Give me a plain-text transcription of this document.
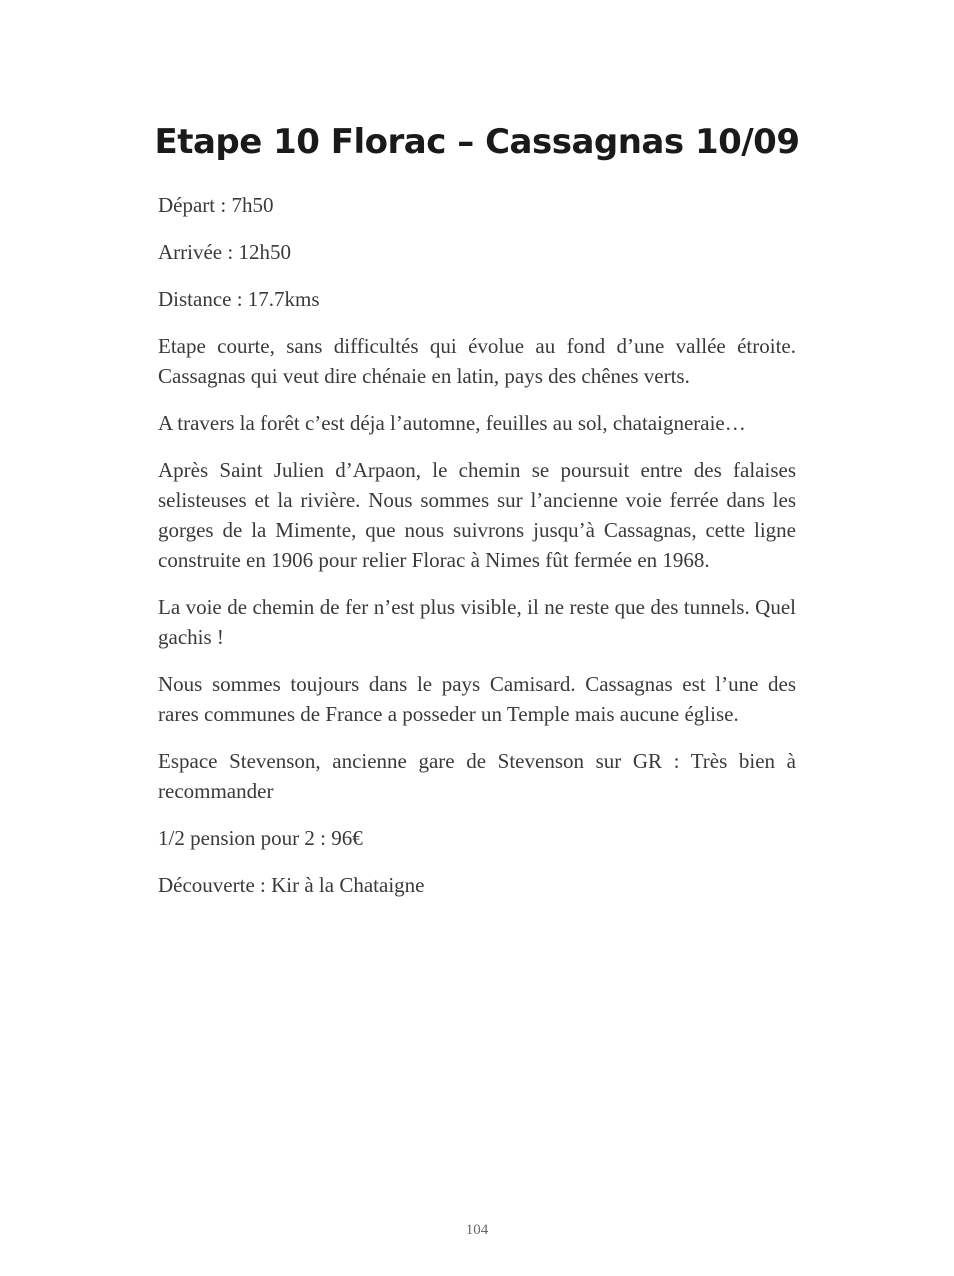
Etape 10 Florac – Cassagnas 10/09

Départ : 7h50

Arrivée : 12h50

Distance : 17.7kms

Etape courte, sans difficultés qui évolue au fond d’une vallée étroite. Cassagnas qui veut dire chénaie en latin, pays des chênes verts.

A travers la forêt c’est déja l’automne, feuilles au sol, chataigneraie…

Après Saint Julien d’Arpaon, le chemin se poursuit entre des falaises selisteuses et la rivière. Nous sommes sur l’ancienne voie ferrée dans les gorges de la Mimente, que nous suivrons jusqu’à Cassagnas, cette ligne construite en 1906 pour relier Florac à Nimes fût fermée en 1968.

La voie de chemin de fer n’est plus visible, il ne reste que des tunnels. Quel gachis !

Nous sommes toujours dans le pays Camisard. Cassagnas est l’une des rares communes de France a posseder un Temple mais aucune église.

Espace Stevenson, ancienne gare de Stevenson sur GR : Très bien à recommander

1/2 pension pour 2 : 96€

Découverte : Kir à la Chataigne

104
